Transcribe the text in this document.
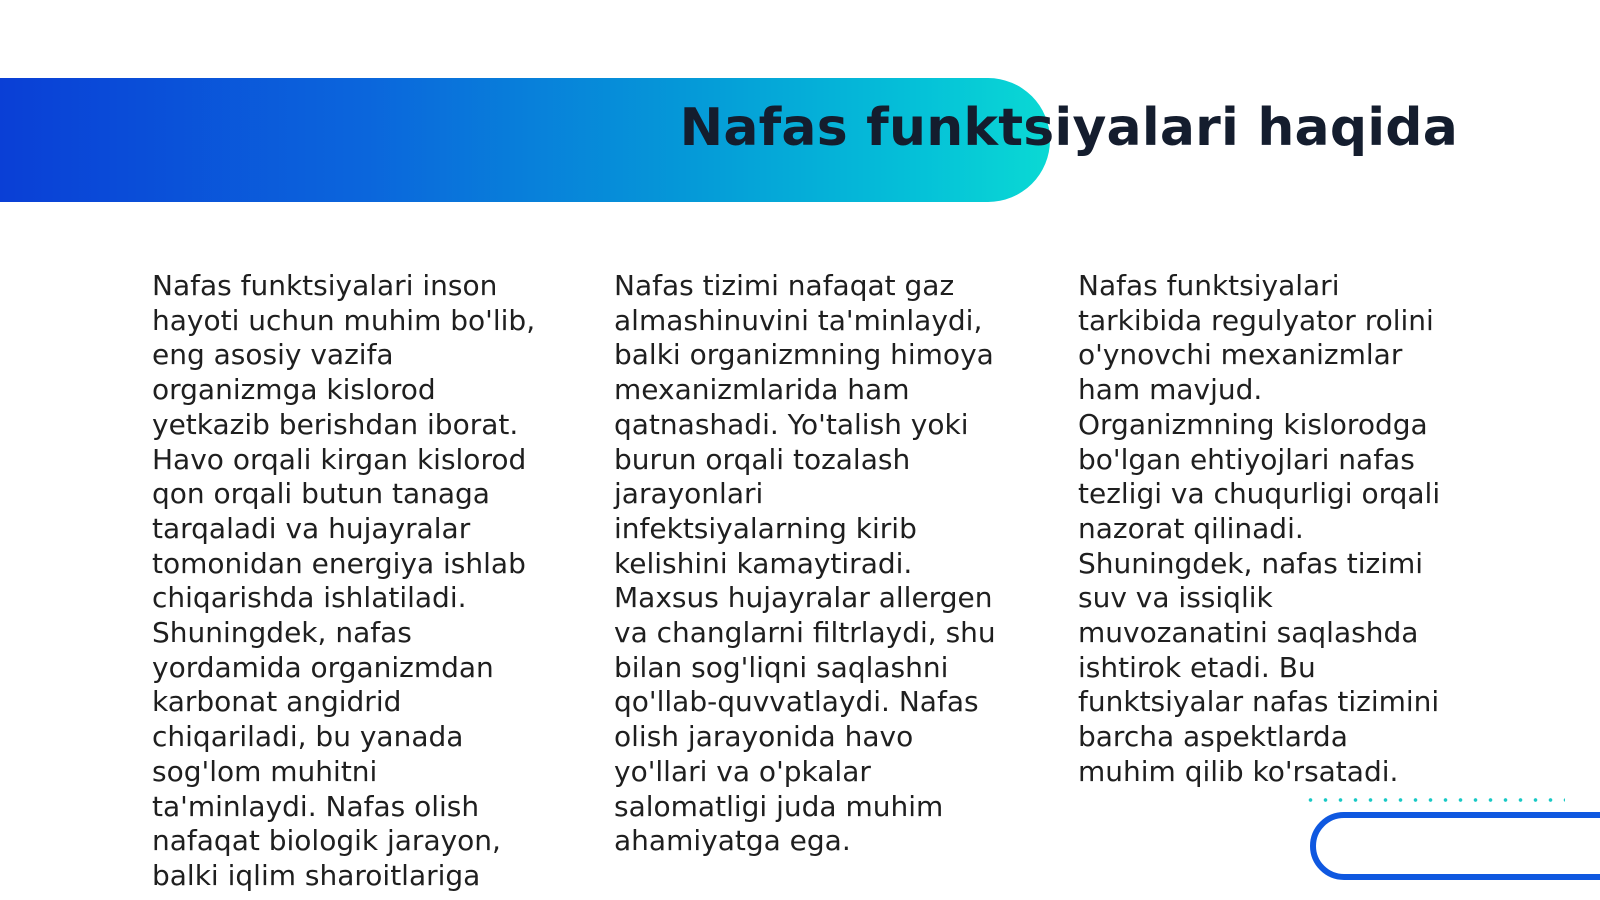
Nafas funktsiyalari haqida

Nafas funktsiyalari inson hayoti uchun muhim bo'lib, eng asosiy vazifa organizmga kislorod yetkazib berishdan iborat. Havo orqali kirgan kislorod qon orqali butun tanaga tarqaladi va hujayralar tomonidan energiya ishlab chiqarishda ishlatiladi. Shuningdek, nafas yordamida organizmdan karbonat angidrid chiqariladi, bu yanada sog'lom muhitni ta'minlaydi. Nafas olish nafaqat biologik jarayon, balki iqlim sharoitlariga

Nafas tizimi nafaqat gaz almashinuvini ta'minlaydi, balki organizmning himoya mexanizmlarida ham qatnashadi. Yo'talish yoki burun orqali tozalash jarayonlari infektsiyalarning kirib kelishini kamaytiradi. Maxsus hujayralar allergen va changlarni filtrlaydi, shu bilan sog'liqni saqlashni qo'llab-quvvatlaydi. Nafas olish jarayonida havo yo'llari va o'pkalar salomatligi juda muhim ahamiyatga ega.

Nafas funktsiyalari tarkibida regulyator rolini o'ynovchi mexanizmlar ham mavjud. Organizmning kislorodga bo'lgan ehtiyojlari nafas tezligi va chuqurligi orqali nazorat qilinadi. Shuningdek, nafas tizimi suv va issiqlik muvozanatini saqlashda ishtirok etadi. Bu funktsiyalar nafas tizimini barcha aspektlarda muhim qilib ko'rsatadi.
